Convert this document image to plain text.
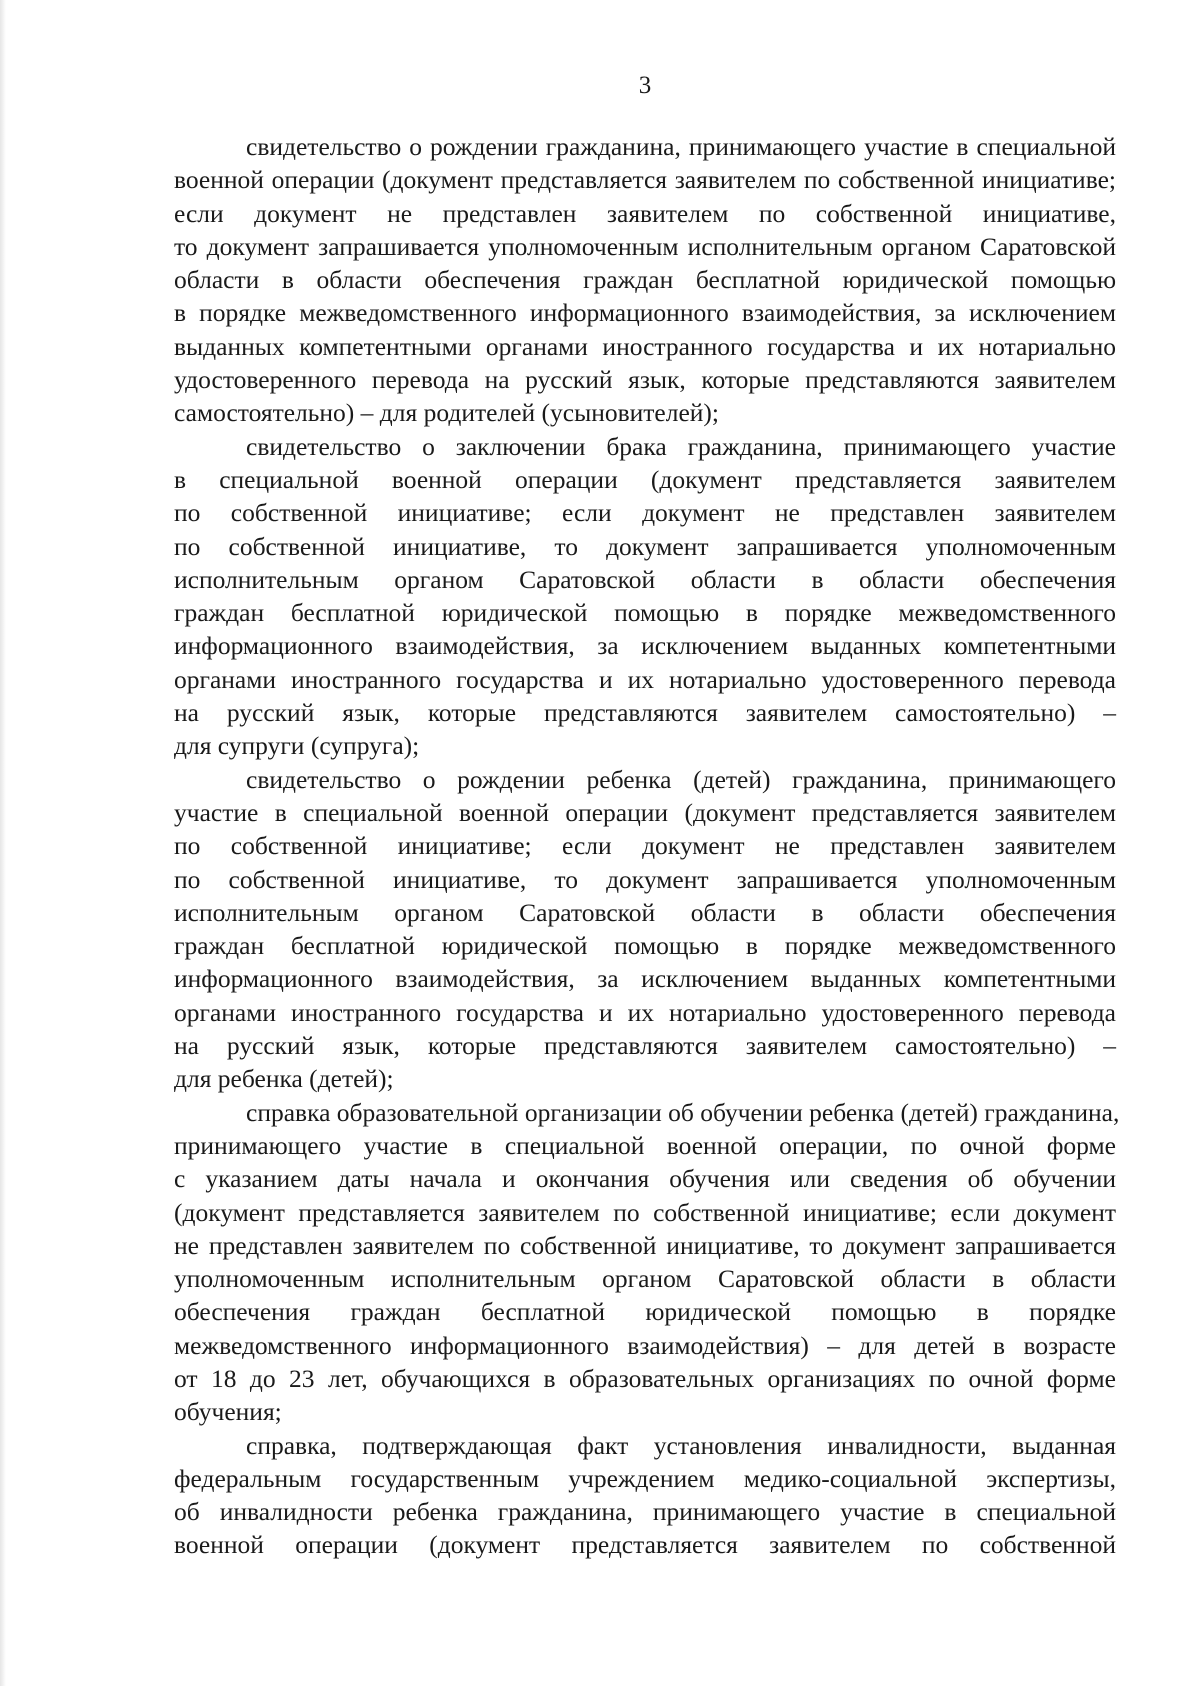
3
свидетельство о рождении гражданина, принимающего участие в специальной
военной операции (документ представляется заявителем по собственной инициативе;
если документ не представлен заявителем по собственной инициативе,
то документ запрашивается уполномоченным исполнительным органом Саратовской
области в области обеспечения граждан бесплатной юридической помощью
в порядке межведомственного информационного взаимодействия, за исключением
выданных компетентными органами иностранного государства и их нотариально
удостоверенного перевода на русский язык, которые представляются заявителем
самостоятельно) – для родителей (усыновителей);
свидетельство о заключении брака гражданина, принимающего участие
в специальной военной операции (документ представляется заявителем
по собственной инициативе; если документ не представлен заявителем
по собственной инициативе, то документ запрашивается уполномоченным
исполнительным органом Саратовской области в области обеспечения
граждан бесплатной юридической помощью в порядке межведомственного
информационного взаимодействия, за исключением выданных компетентными
органами иностранного государства и их нотариально удостоверенного перевода
на русский язык, которые представляются заявителем самостоятельно) –
для супруги (супруга);
свидетельство о рождении ребенка (детей) гражданина, принимающего
участие в специальной военной операции (документ представляется заявителем
по собственной инициативе; если документ не представлен заявителем
по собственной инициативе, то документ запрашивается уполномоченным
исполнительным органом Саратовской области в области обеспечения
граждан бесплатной юридической помощью в порядке межведомственного
информационного взаимодействия, за исключением выданных компетентными
органами иностранного государства и их нотариально удостоверенного перевода
на русский язык, которые представляются заявителем самостоятельно) –
для ребенка (детей);
справка образовательной организации об обучении ребенка (детей) гражданина,
принимающего участие в специальной военной операции, по очной форме
с указанием даты начала и окончания обучения или сведения об обучении
(документ представляется заявителем по собственной инициативе; если документ
не представлен заявителем по собственной инициативе, то документ запрашивается
уполномоченным исполнительным органом Саратовской области в области
обеспечения граждан бесплатной юридической помощью в порядке
межведомственного информационного взаимодействия) – для детей в возрасте
от 18 до 23 лет, обучающихся в образовательных организациях по очной форме
обучения;
справка, подтверждающая факт установления инвалидности, выданная
федеральным государственным учреждением медико-социальной экспертизы,
об инвалидности ребенка гражданина, принимающего участие в специальной
военной операции (документ представляется заявителем по собственной
